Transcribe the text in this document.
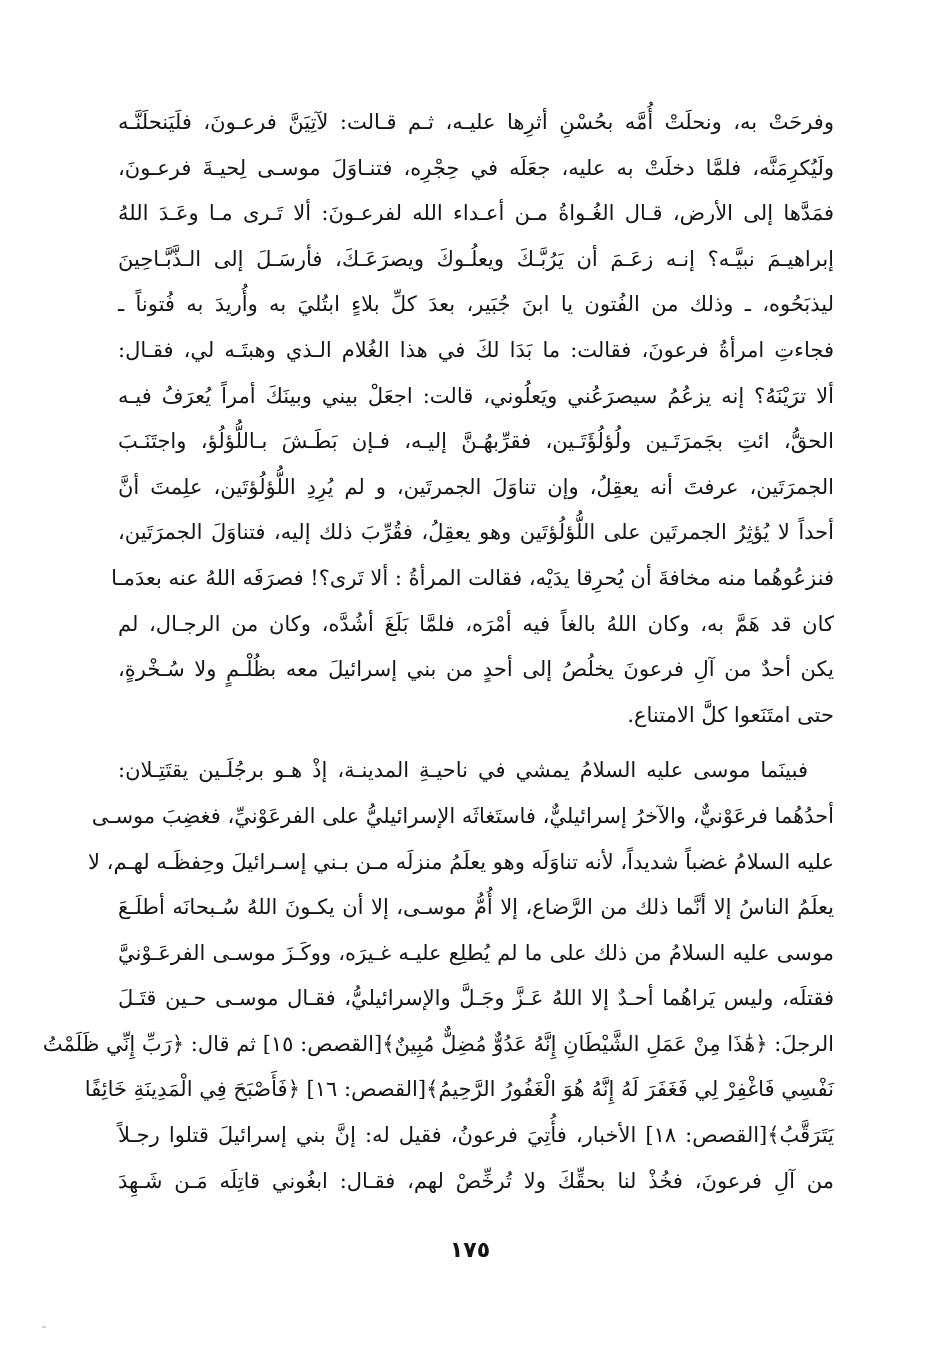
وفرحَتْ به، ونحلَتْ أُمَّه بحُسْنِ أثرِها عليـه، ثـم قـالت: لآتِيَنَّ فرعـونَ، فلَيَنحلَنَّـه
ولَيُكرِمَنَّه، فلمَّا دخلَتْ به عليه، جعَلَه في حِجْرِه، فتنـاوَلَ موسـى لِحيـةَ فرعـونَ،
فمَدَّها إلى الأرض، قـال الغُـواةُ مـن أعـداء الله لفرعـونَ: ألا تَـرى مـا وعَـدَ اللهُ
إبراهيـمَ نبيَّـه؟ إنـه زعَـمَ أن يَرُبَّـكَ ويعلُـوكَ ويصرَعَـكَ، فأرسَـلَ إلى الـذَّبَّـاحِينَ
ليذبَحُوه، ـ وذلك من الفُتون يا ابنَ جُبَير، بعدَ كلِّ بلاءٍ ابتُليَ به وأُريدَ به فُتوناً ـ
فجاءتِ امرأةُ فرعونَ، فقالت: ما بَدَا لكَ في هذا الغُلام الـذي وهبتَـه لي، فقـال:
ألا ترَيْنَهُ؟ إنه يزعُمُ سيصرَعُني ويَعلُوني، قالت: اجعَلْ بيني وبينَكَ أمراً يُعرَفُ فيـه
الحقُّ، ائتِ بجَمرَتَـين ولُؤلُؤَتَـين، فقرِّبهُـنَّ إليـه، فـإن بَطَـشَ بـاللُّؤلُؤ، واجتَنَـبَ
الجمرَتَين، عرفتَ أنه يعقِلُ، وإن تناوَلَ الجمرتَين، و لم يُرِدِ اللُّؤلُؤتَين، علِمتَ أنَّ
أحداً لا يُؤثِرُ الجمرتَين على اللُّؤلُؤتَين وهو يعقِلُ، فقُرِّبَ ذلك إليه، فتناوَلَ الجمرَتَين،
فنزعُوهُما منه مخافةَ أن يُحرِقا يدَيْه، فقالت المرأةُ : ألا تَرى؟! فصرَفَه اللهُ عنه بعدَمـا
كان قد هَمَّ به، وكان اللهُ بالغاً فيه أمْرَه، فلمَّا بَلَغَ أشُدَّه، وكان من الرجـال، لم
يكن أحدٌ من آلِ فرعونَ يخلُصُ إلى أحدٍ من بني إسرائيلَ معه بظُلْـمٍ ولا سُـخْرةٍ،
حتى امتَنَعوا كلَّ الامتناع.
فبينَما موسى عليه السلامُ يمشي في ناحيـةِ المدينـة، إذْ هـو برجُلَـين يقتَتِـلان:
أحدُهُما فرعَوْنيٌّ، والآخرُ إسرائيليٌّ، فاستَغاثَه الإسرائيليُّ على الفرعَوْنيِّ، فغضِبَ موسـى
عليه السلامُ غضباً شديداً، لأنه تناوَلَه وهو يعلَمُ منزلَه مـن بـني إسـرائيلَ وحِفظَـه لهـم، لا
يعلَمُ الناسُ إلا أنَّما ذلك من الرَّضاع، إلا أُمُّ موسـى، إلا أن يكـونَ اللهُ سُـبحانَه أطلَـعَ
موسى عليه السلامُ من ذلك على ما لم يُطلِع عليـه غـيرَه، ووكَـزَ موسـى الفرعَـوْنيَّ
فقتلَه، وليس يَراهُما أحـدٌ إلا اللهُ عَـزَّ وجَـلَّ والإسرائيليُّ، فقـال موسـى حـين قتَـلَ
الرجلَ: ﴿هَٰذَا مِنْ عَمَلِ الشَّيْطَانِ إِنَّهُ عَدُوٌّ مُضِلٌّ مُبِينٌ﴾[القصص: ١٥] ثم قال: ﴿رَبِّ إِنِّي ظَلَمْتُ
نَفْسِي فَاغْفِرْ لِي فَغَفَرَ لَهُ إِنَّهُ هُوَ الْغَفُورُ الرَّحِيمُ﴾[القصص: ١٦] ﴿فَأَصْبَحَ فِي الْمَدِينَةِ خَائِفًا
يَتَرَقَّبُ﴾[القصص: ١٨] الأخبار، فأُتِيَ فرعونُ، فقيل له: إنَّ بني إسرائيلَ قتلوا رجـلاً
من آلِ فرعونَ، فخُذْ لنا بحقِّكَ ولا تُرخِّصْ لهم، فقـال: ابغُوني قاتِلَه مَـن شَـهِدَ
١٧٥
